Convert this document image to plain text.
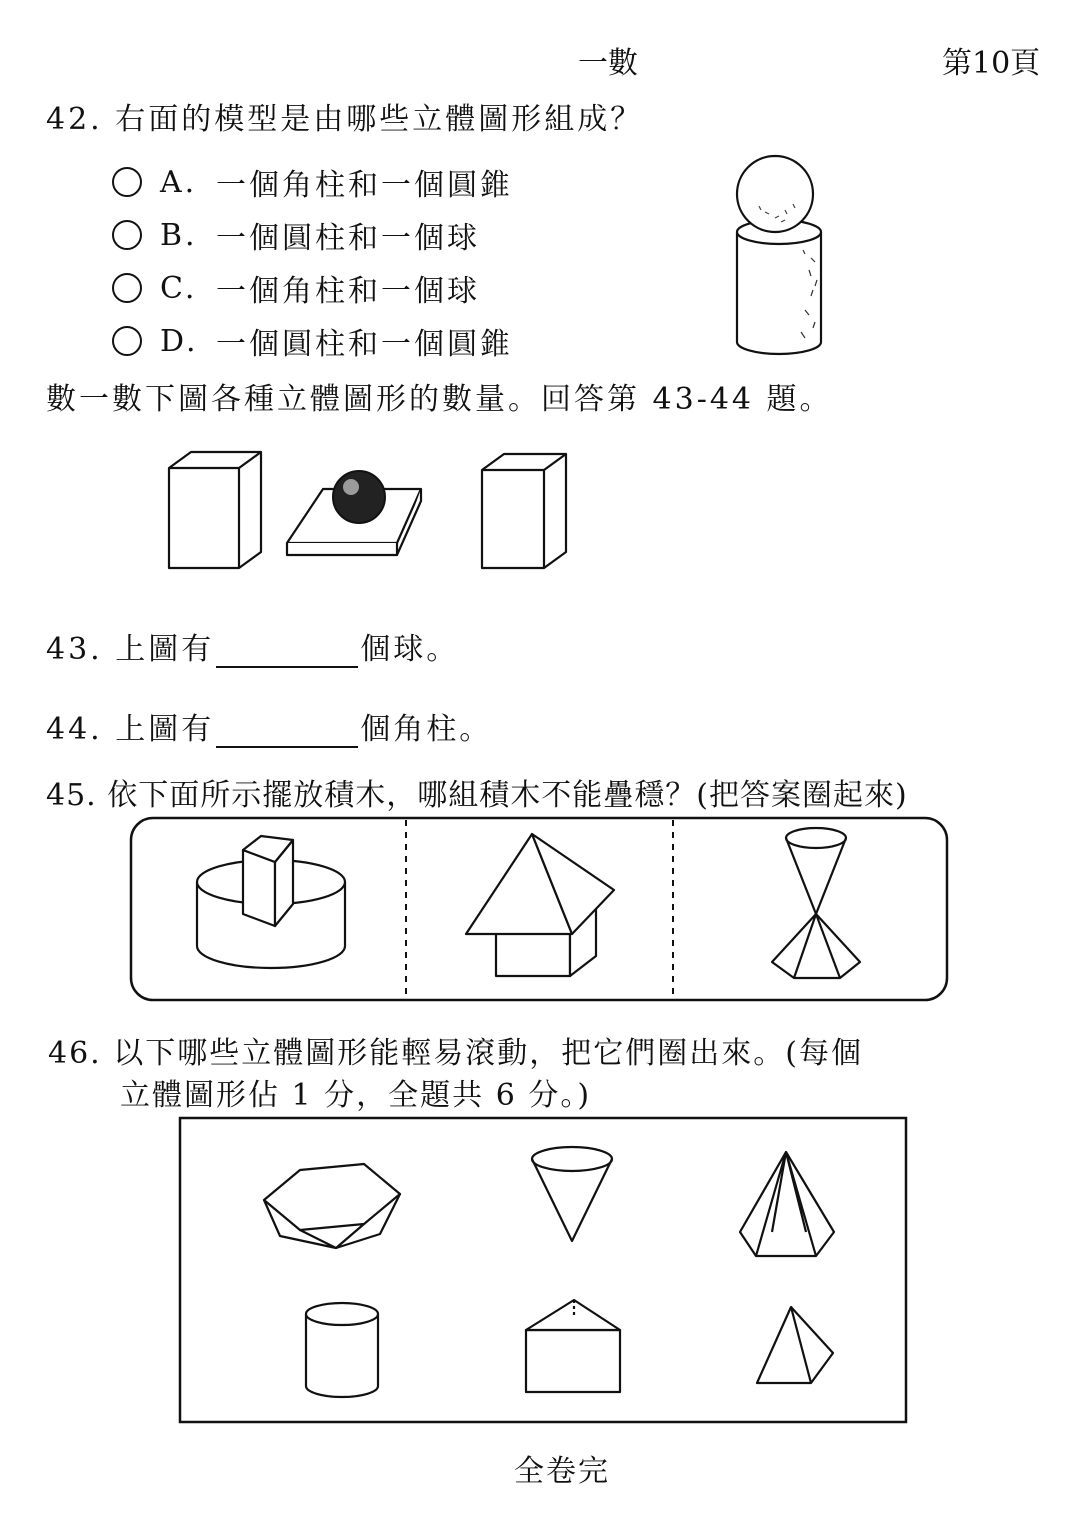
一數	第10頁
42. 右面的模型是由哪些立體圖形組成？
A. 一個角柱和一個圓錐
B. 一個圓柱和一個球
C. 一個角柱和一個球
D. 一個圓柱和一個圓錐
數一數下圖各種立體圖形的數量。回答第 43-44 題。
43. 上圖有	個球。
44. 上圖有	個角柱。
45. 依下面所示擺放積木，哪組積木不能疊穩？(把答案圈起來)
46. 以下哪些立體圖形能輕易滾動，把它們圈出來。(每個
立體圖形佔 1 分，全題共 6 分。)
全卷完
